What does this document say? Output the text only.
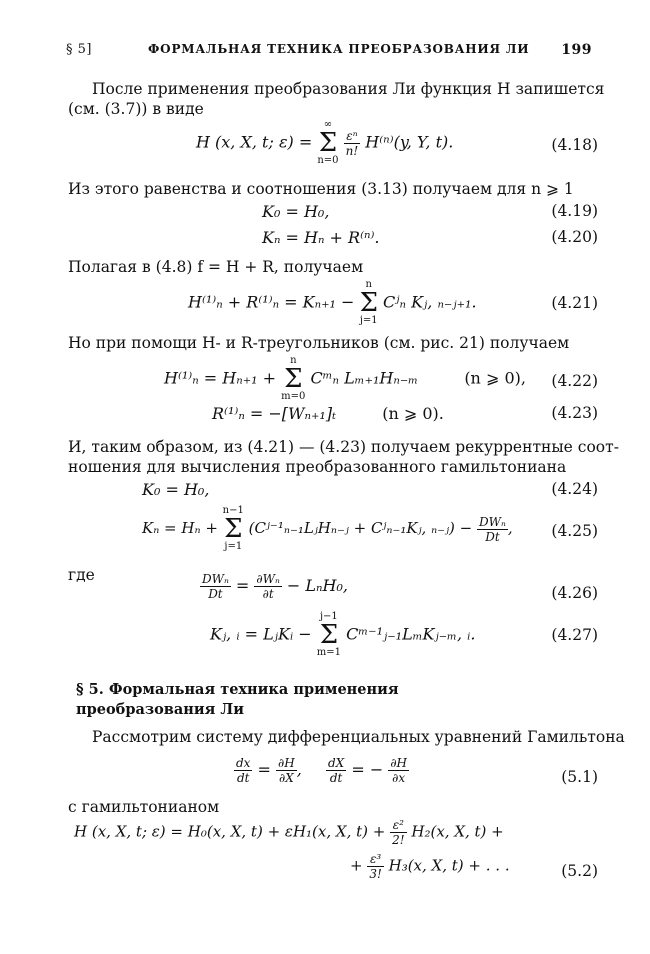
§ 5]	ФОРМАЛЬНАЯ ТЕХНИКА ПРЕОБРАЗОВАНИЯ ЛИ 199
После применения преобразования Ли функция H запишется
(см. (3.7)) в виде
H (x, X, t; ε) = ∞
Σ
n=0
$\frac{\text{εⁿ}}{n!} H^{(n)}(y$, Y, t).	(4.18)
Из этого равенства и соотношения (3.13) получаем для n ⩾ 1
K₀ = H₀,	(4.19)
Kₙ = Hₙ + R⁽ⁿ⁾.	(4.20)
Полагая в (4.8) f = H + R, получаем
H⁽¹⁾ₙ + R⁽¹⁾ₙ = Kₙ₊₁ − n
Σ
j=1 Cʲₙ Kⱼ, ₙ₋ⱼ₊₁.	(4.21)
Но при помощи H- и R-треугольников (см. рис. 21) получаем
H⁽¹⁾ₙ = Hₙ₊₁ + n
Σ
m=0 Cᵐₙ Lₘ₊₁Hₙ₋ₘ	(n ⩾ 0), (4.22)
R⁽¹⁾ₙ = −[Wₙ₊₁]ₜ	(n ⩾ 0).	(4.23)
И, таким образом, из (4.21) — (4.23) получаем рекуррентные соот-
ношения для вычисления преобразованного гамильтониана
K₀ = H₀,	(4.24)
Kₙ = Hₙ + n−1
Σ
j=1 (Cʲ⁻¹ₙ₋₁LⱼHₙ₋ⱼ + Cʲₙ₋₁Kⱼ, ₙ₋ⱼ) − $\frac{\text{DWₙ}}{Dt}$ ,	(4.25)
где	$\frac{\text{DWₙ}}{Dt} = \frac{\text{∂Wₙ}}{\partial t} - L_nH_0$,	(4.26)
Kⱼ, ᵢ = LⱼKᵢ − j−1
Σ
m=1 Cᵐ⁻¹ⱼ₋₁LₘKⱼ₋ₘ, ᵢ.	(4.27)
§ 5. Формальная техника применения
преобразования Ли
Рассмотрим систему дифференциальных уравнений Гамильтона
$\frac{dx}{dt} = \frac{\partial H}{\partial X}$ , $\frac{dX}{dt}$ = − $\frac{\partial H}{\partial x}$	(5.1)
с гамильтонианом
H (x, X, t; ε) = H₀(x, X, t) + εH₁(x, X, $t) + \frac{\text{ε²}}{2!} H_2(x$, X, t) +
+ $\frac{\text{ε³}}{3!} H_3(x$, X, t) + . . .	(5.2)
